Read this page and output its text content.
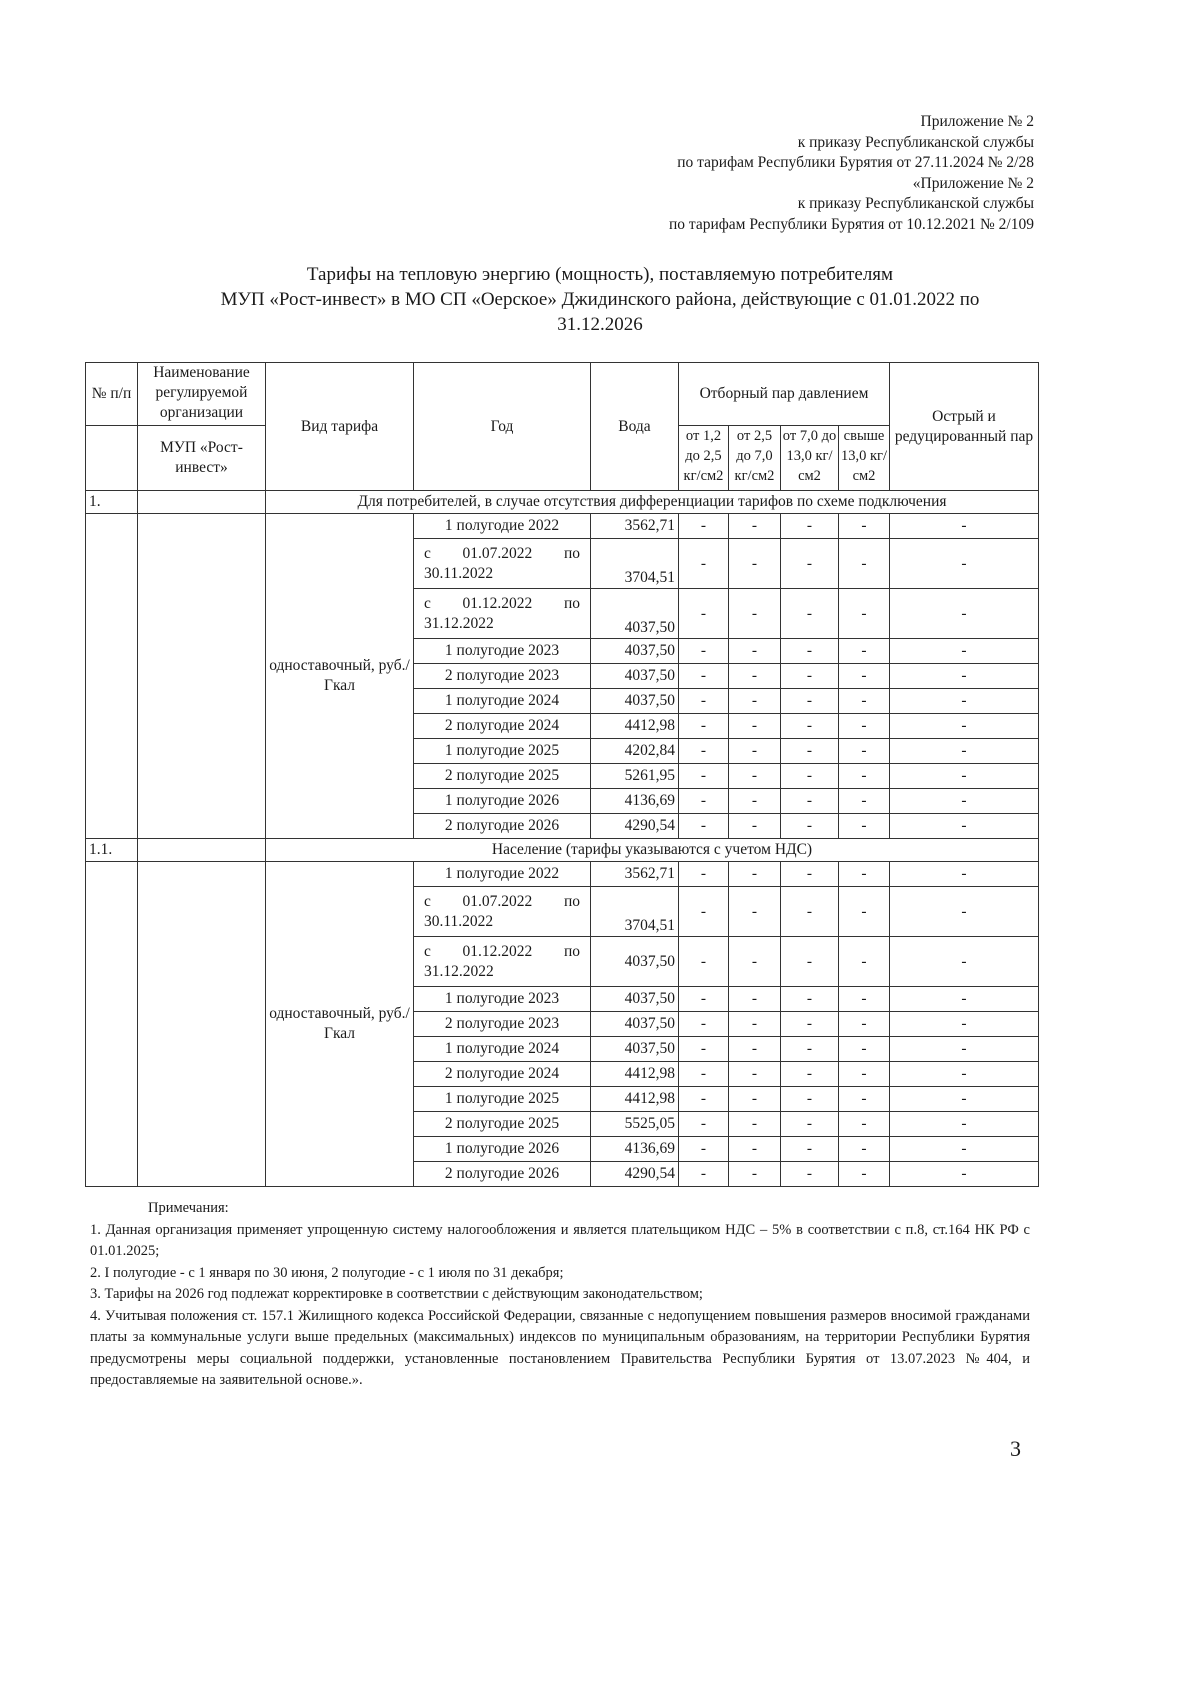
Приложение № 2
к приказу Республиканской службы
по тарифам Республики Бурятия от 27.11.2024 № 2/28
«Приложение № 2
к приказу Республиканской службы
по тарифам Республики Бурятия от 10.12.2021 № 2/109
Тарифы на тепловую энергию (мощность), поставляемую потребителям
МУП «Рост-инвест» в МО СП «Оерское» Джидинского района, действующие с 01.01.2022 по
31.12.2026
№ п/п	Наименование регулируемой организации	Вид тарифа	Год	Вода	Отборный пар давлением				Острый и редуцированный пар
	МУП «Рост-инвест»				от 1,2 до 2,5 кг/см2	от 2,5 до 7,0 кг/см2	от 7,0 до 13,0 кг/см2	свыше 13,0 кг/см2	
1.		Для потребителей, в случае отсутствия дифференциации тарифов по схеме подключения							
		одноставочный, руб./Гкал	1 полугодие 2022	3562,71	-	-	-	-	-
			с 01.07.2022 по 30.11.2022	3704,51	-	-	-	-	-
			с 01.12.2022 по 31.12.2022	4037,50	-	-	-	-	-
			1 полугодие 2023	4037,50	-	-	-	-	-
			2 полугодие 2023	4037,50	-	-	-	-	-
			1 полугодие 2024	4037,50	-	-	-	-	-
			2 полугодие 2024	4412,98	-	-	-	-	-
			1 полугодие 2025	4202,84	-	-	-	-	-
			2 полугодие 2025	5261,95	-	-	-	-	-
			1 полугодие 2026	4136,69	-	-	-	-	-
			2 полугодие 2026	4290,54	-	-	-	-	-
1.1.		Население (тарифы указываются с учетом НДС)							
		одноставочный, руб./Гкал	1 полугодие 2022	3562,71	-	-	-	-	-
			с 01.07.2022 по 30.11.2022	3704,51	-	-	-	-	-
			с 01.12.2022 по 31.12.2022	4037,50	-	-	-	-	-
			1 полугодие 2023	4037,50	-	-	-	-	-
			2 полугодие 2023	4037,50	-	-	-	-	-
			1 полугодие 2024	4037,50	-	-	-	-	-
			2 полугодие 2024	4412,98	-	-	-	-	-
			1 полугодие 2025	4412,98	-	-	-	-	-
			2 полугодие 2025	5525,05	-	-	-	-	-
			1 полугодие 2026	4136,69	-	-	-	-	-
			2 полугодие 2026	4290,54	-	-	-	-	-

Примечания:

1. Данная организация применяет упрощенную систему налогообложения и является плательщиком НДС – 5% в соответствии с п.8, ст.164 НК РФ с 01.01.2025;

2. I полугодие - с 1 января по 30 июня, 2 полугодие - с 1 июля по 31 декабря;

3. Тарифы на 2026 год подлежат корректировке в соответствии с действующим законодательством;

4. Учитывая положения ст. 157.1 Жилищного кодекса Российской Федерации, связанные с недопущением повышения размеров вносимой гражданами платы за коммунальные услуги выше предельных (максимальных) индексов по муниципальным образованиям, на территории Республики Бурятия предусмотрены меры социальной поддержки, установленные постановлением Правительства Республики Бурятия от 13.07.2023 №404, и предоставляемые на заявительной основе.».

3
